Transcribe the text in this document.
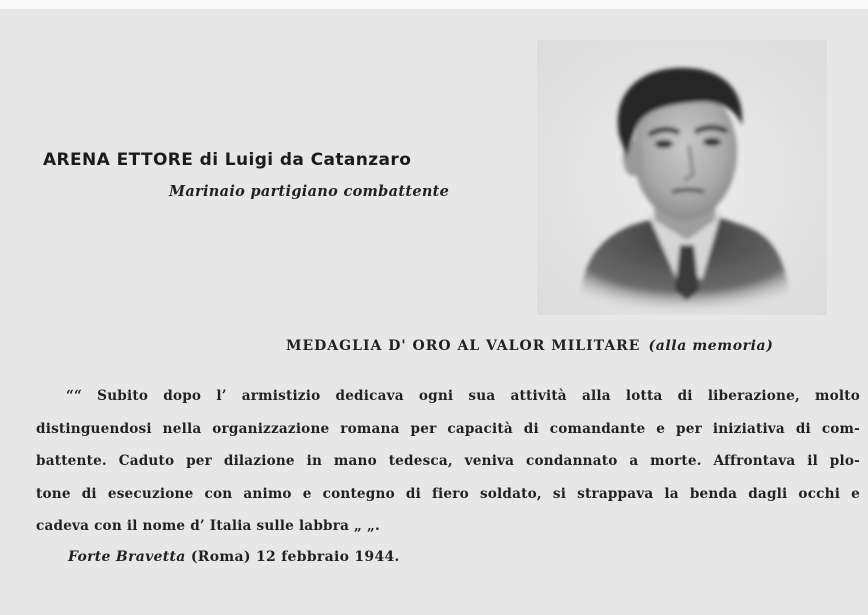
ARENA ETTORE di Luigi da Catanzaro
Marinaio partigiano combattente
MEDAGLIA D' ORO AL VALOR MILITARE (alla memoria)
““ Subito dopo l’ armistizio dedicava ogni sua attività alla lotta di liberazione, molto
distinguendosi nella organizzazione romana per capacità di comandante e per iniziativa di com-
battente. Caduto per dilazione in mano tedesca, veniva condannato a morte. Affrontava il plo-
tone di esecuzione con animo e contegno di fiero soldato, si strappava la benda dagli occhi e
cadeva con il nome d’ Italia sulle labbra „ „.
Forte Bravetta (Roma) 12 febbraio 1944.
